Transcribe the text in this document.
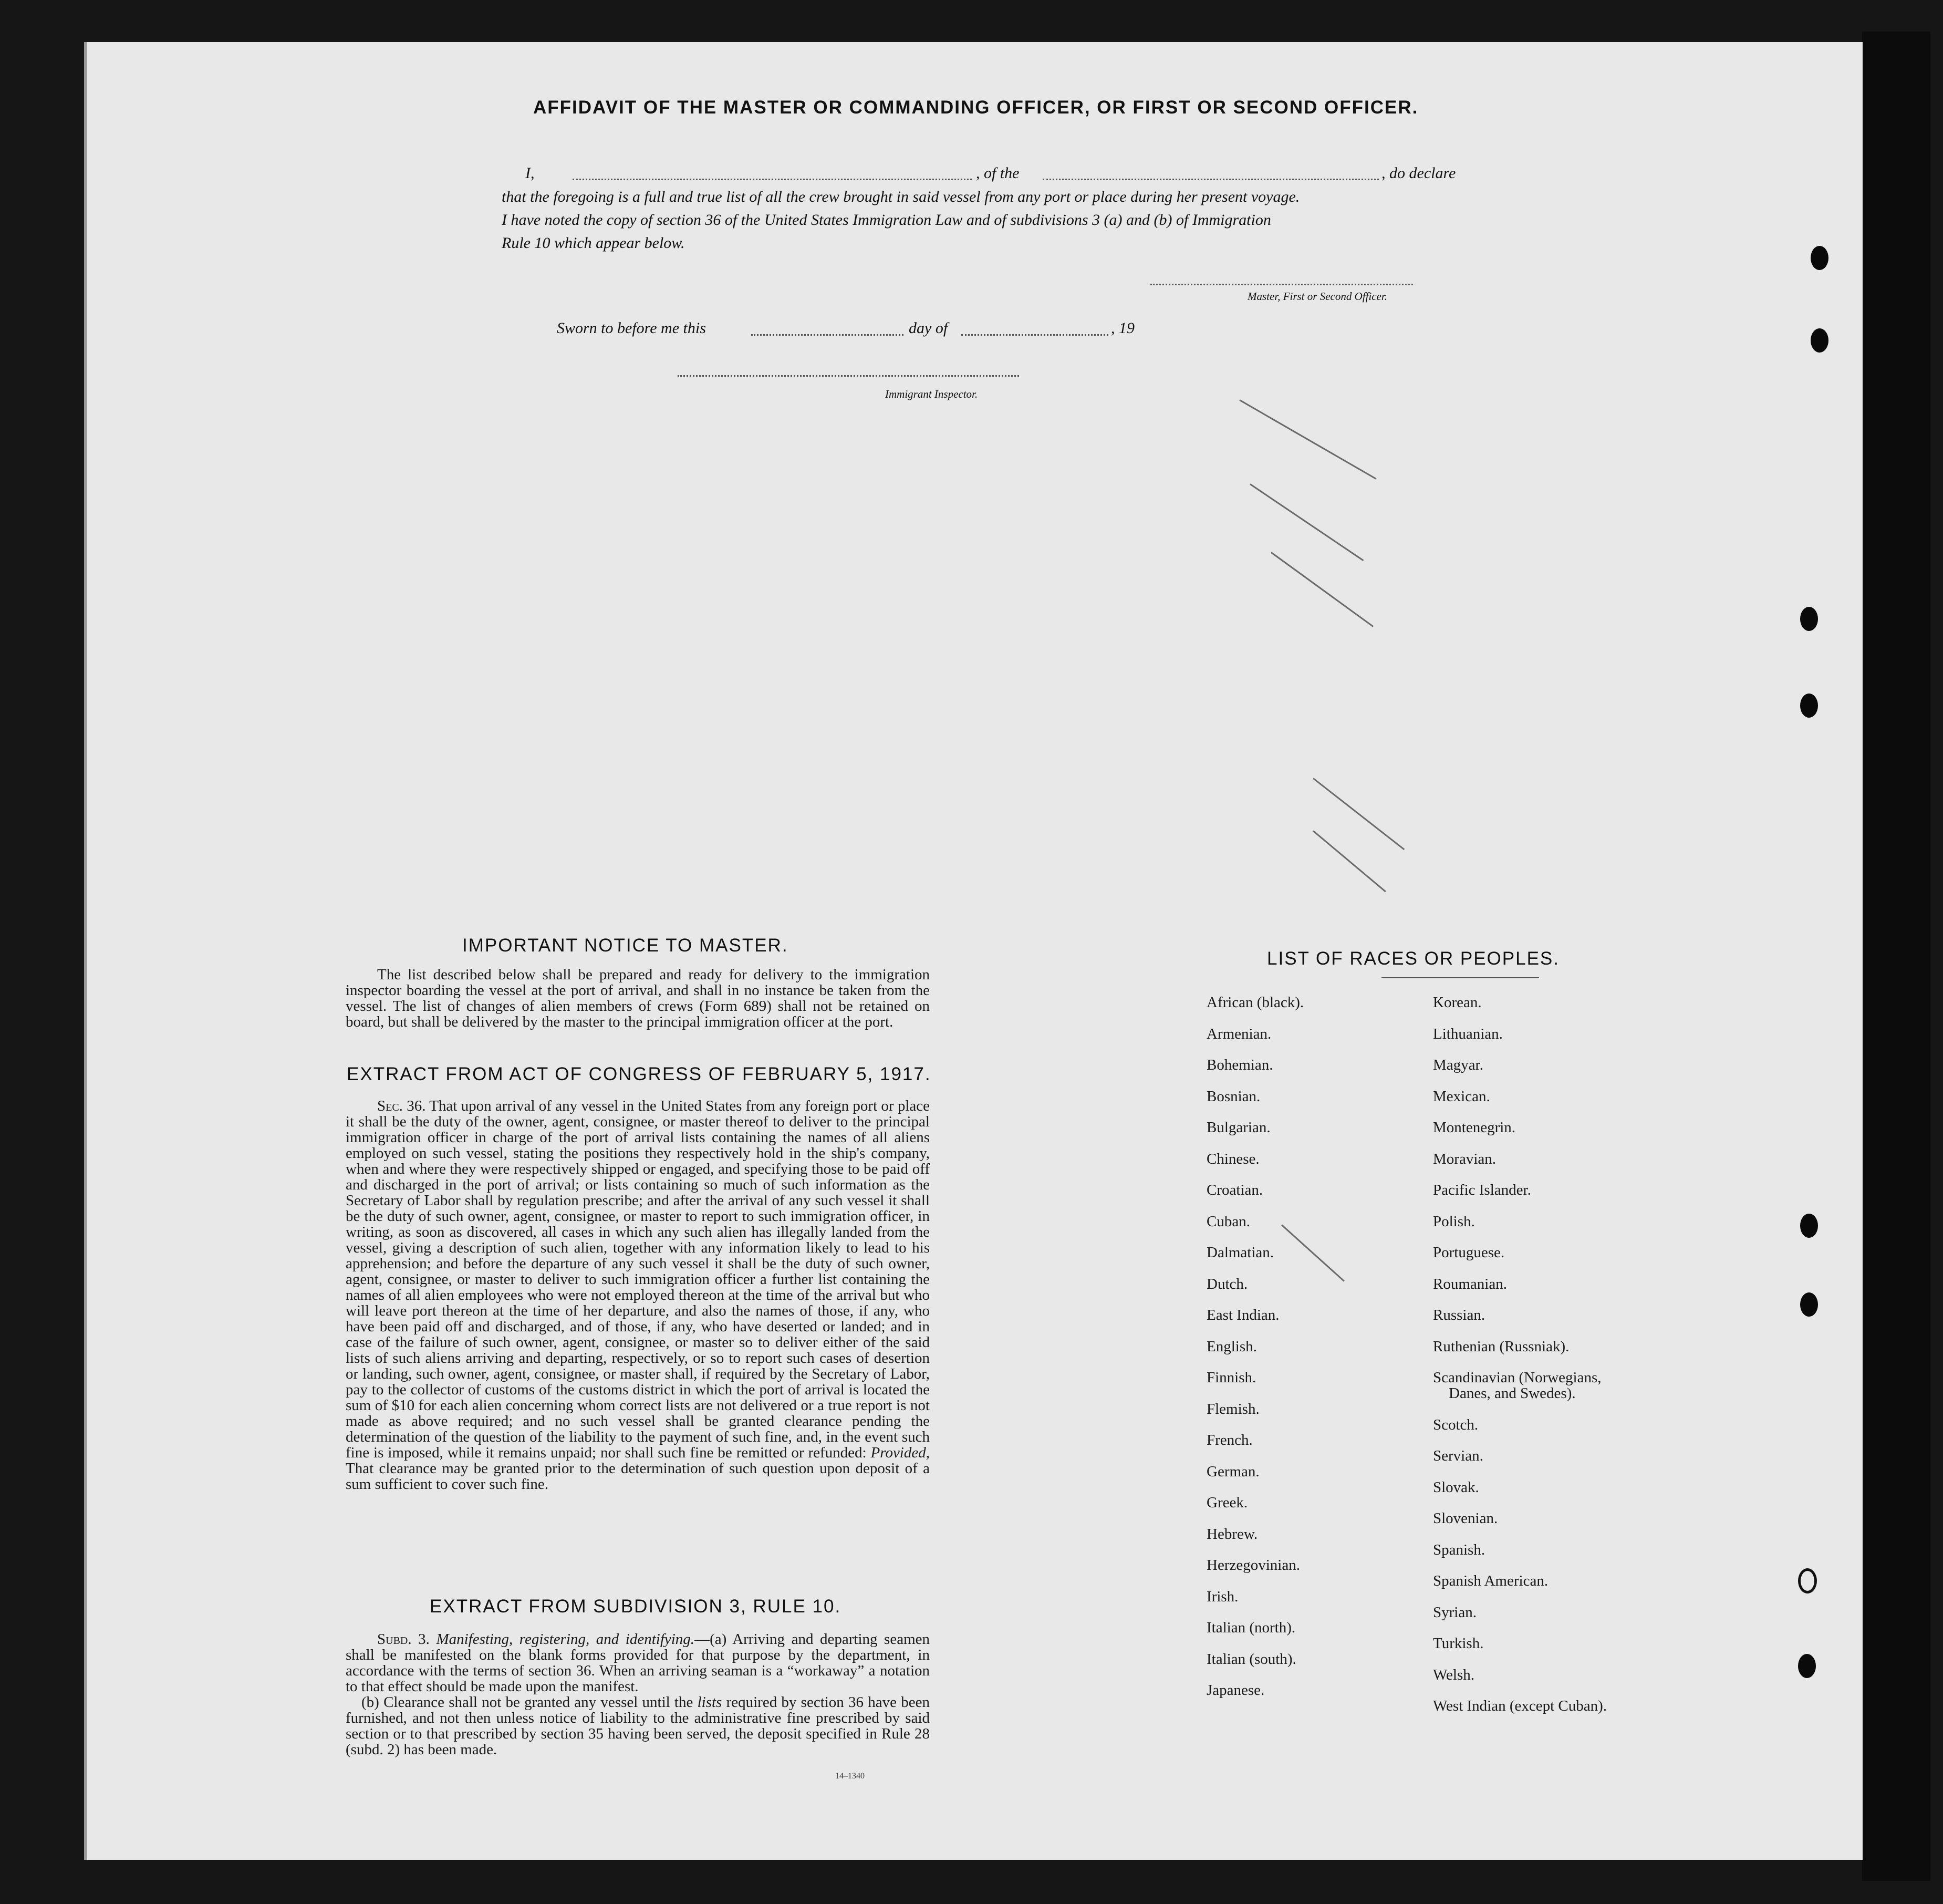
AFFIDAVIT OF THE MASTER OR COMMANDING OFFICER, OR FIRST OR SECOND OFFICER.
I,	, of the	, do declare
that the foregoing is a full and true list of all the crew brought in said vessel from any port or place during her present voyage.
I have noted the copy of section 36 of the United States Immigration Law and of subdivisions 3 (a) and (b) of Immigration
Rule 10 which appear below.
Master, First or Second Officer.
Sworn to before me this	day of	, 19
Immigrant Inspector.
IMPORTANT NOTICE TO MASTER.
The list described below shall be prepared and ready for delivery to the immigration inspector boarding the vessel at the port of arrival, and shall in no instance be taken from the vessel. The list of changes of alien members of crews (Form 689) shall not be retained on board, but shall be delivered by the master to the principal immigration officer at the port.
EXTRACT FROM ACT OF CONGRESS OF FEBRUARY 5, 1917.

Sec. 36. That upon arrival of any vessel in the United States from any foreign port or place it shall be the duty of the owner, agent, consignee, or master thereof to deliver to the principal immigration officer in charge of the port of arrival lists containing the names of all aliens employed on such vessel, stating the positions they respectively hold in the ship's company, when and where they were respectively shipped or engaged, and specifying those to be paid off and discharged in the port of arrival; or lists containing so much of such information as the Secretary of Labor shall by regulation prescribe; and after the arrival of any such vessel it shall be the duty of such owner, agent, consignee, or master to report to such immigration officer, in writing, as soon as discovered, all cases in which any such alien has illegally landed from the vessel, giving a description of such alien, together with any information likely to lead to his apprehension; and before the departure of any such vessel it shall be the duty of such owner, agent, consignee, or master to deliver to such immigration officer a further list containing the names of all alien employees who were not employed thereon at the time of the arrival but who will leave port thereon at the time of her departure, and also the names of those, if any, who have been paid off and discharged, and of those, if any, who have deserted or landed; and in case of the failure of such owner, agent, consignee, or master so to deliver either of the said lists of such aliens arriving and departing, respectively, or so to report such cases of desertion or landing, such owner, agent, consignee, or master shall, if required by the Secretary of Labor, pay to the collector of customs of the customs district in which the port of arrival is located the sum of $10 for each alien concerning whom correct lists are not delivered or a true report is not made as above required; and no such vessel shall be granted clearance pending the determination of the question of the liability to the payment of such fine, and, in the event such fine is imposed, while it remains unpaid; nor shall such fine be remitted or refunded: Provided, That clearance may be granted prior to the determination of such question upon deposit of a sum sufficient to cover such fine.

EXTRACT FROM SUBDIVISION 3, RULE 10.

Subd. 3. Manifesting, registering, and identifying.—(a) Arriving and departing seamen shall be manifested on the blank forms provided for that purpose by the department, in accordance with the terms of section 36. When an arriving seaman is a “workaway” a notation to that effect should be made upon the manifest.

(b) Clearance shall not be granted any vessel until the lists required by section 36 have been furnished, and not then unless notice of liability to the administrative fine prescribed by said section or to that prescribed by section 35 having been served, the deposit specified in Rule 28 (subd. 2) has been made.

14–1340
LIST OF RACES OR PEOPLES.
African (black).
Armenian.
Bohemian.
Bosnian.
Bulgarian.
Chinese.
Croatian.
Cuban.
Dalmatian.
Dutch.
East Indian.
English.
Finnish.
Flemish.
French.
German.
Greek.
Hebrew.
Herzegovinian.
Irish.
Italian (north).
Italian (south).
Japanese.
Korean.
Lithuanian.
Magyar.
Mexican.
Montenegrin.
Moravian.
Pacific Islander.
Polish.
Portuguese.
Roumanian.
Russian.
Ruthenian (Russniak).
Scandinavian (Norwegians,
Danes, and Swedes).
Scotch.
Servian.
Slovak.
Slovenian.
Spanish.
Spanish American.
Syrian.
Turkish.
Welsh.
West Indian (except Cuban).
